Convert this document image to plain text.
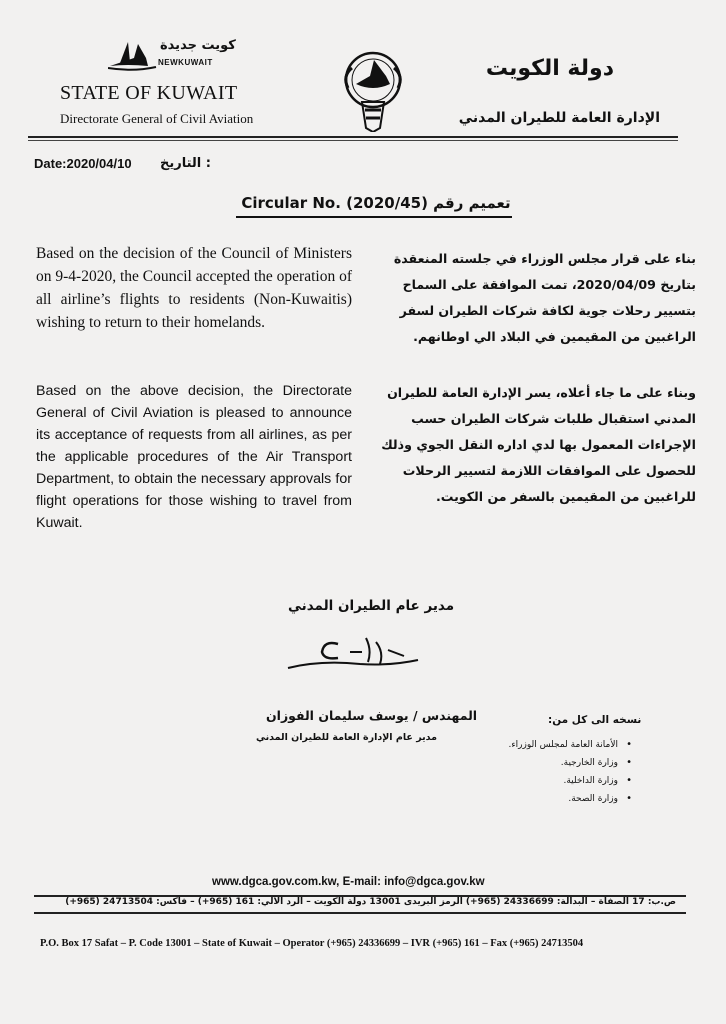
كويت جديدة
NEWKUWAIT
STATE OF KUWAIT
Directorate General of Civil Aviation
دولة الكويت
الإدارة العامة للطيران المدني
Date:2020/04/10 : التاريخ
Circular No. (2020/45) تعميم رقم
Based on the decision of the Council of Ministers on 9-4-2020, the Council accepted the operation of all airline’s flights to residents (Non-Kuwaitis) wishing to return to their homelands.
Based on the above decision, the Directorate General of Civil Aviation is pleased to announce its acceptance of requests from all airlines, as per the applicable procedures of the Air Transport Department, to obtain the necessary approvals for flight operations for those wishing to travel from Kuwait.
بناء على قرار مجلس الوزراء في جلسته المنعقدة بتاريخ 2020/04/09، تمت الموافقة على السماح بتسيير رحلات جوية لكافة شركات الطيران لسفر الراغبين من المقيمين في البلاد الي اوطانهم.
وبناء على ما جاء أعلاه، يسر الإدارة العامة للطيران المدني استقبال طلبات شركات الطيران حسب الإجراءات المعمول بها لدي اداره النقل الجوي وذلك للحصول على الموافقات اللازمة لتسيير الرحلات للراغبين من المقيمين بالسفر من الكويت.
مدير عام الطيران المدني
المهندس / يوسف سليمان الفوزان
مدير عام الإدارة العامة للطيران المدني
نسخه الى كل من:
• الأمانة العامة لمجلس الوزراء.
• وزارة الخارجية.
• وزارة الداخلية.
• وزارة الصحة.
www.dgca.gov.com.kw, E-mail: info@dgca.gov.kw
ص.ب: 17 الصفاة – البدالة: 24336699 (965+) الرمز البريدى 13001 دولة الكويت – الرد الآلي: 161 (965+) – فاكس: 24713504 (965+)
P.O. Box 17 Safat – P. Code 13001 – State of Kuwait – Operator (+965) 24336699 – IVR (+965) 161 – Fax (+965) 24713504
